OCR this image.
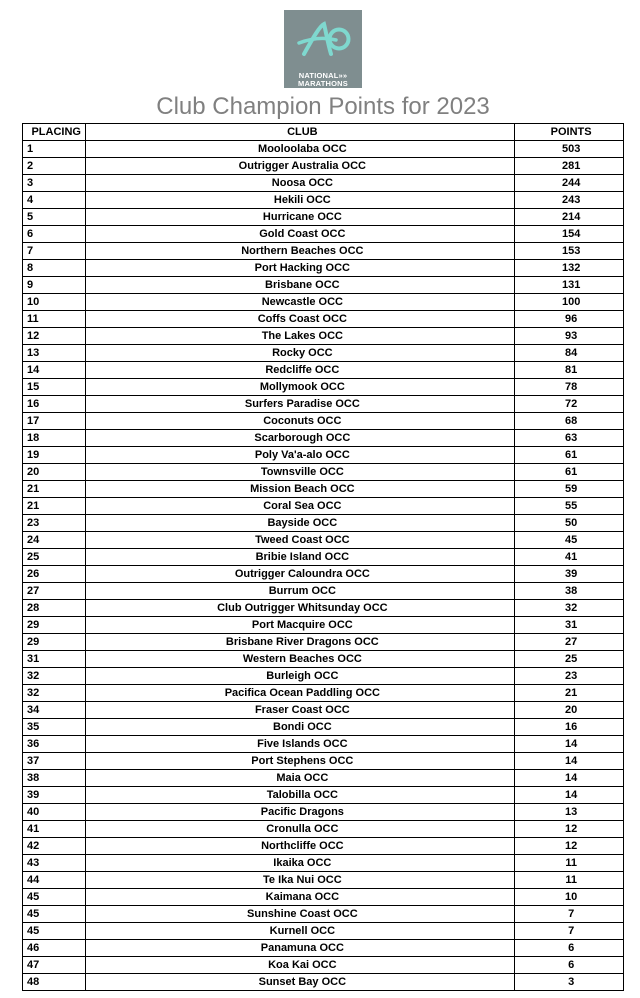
NATIONAL»»
MARATHONS
Club Champion Points for 2023
PLACING	CLUB	POINTS
1	Mooloolaba OCC	503
2	Outrigger Australia OCC	281
3	Noosa OCC	244
4	Hekili OCC	243
5	Hurricane OCC	214
6	Gold Coast OCC	154
7	Northern Beaches OCC	153
8	Port Hacking OCC	132
9	Brisbane OCC	131
10	Newcastle OCC	100
11	Coffs Coast OCC	96
12	The Lakes OCC	93
13	Rocky OCC	84
14	Redcliffe OCC	81
15	Mollymook OCC	78
16	Surfers Paradise OCC	72
17	Coconuts OCC	68
18	Scarborough OCC	63
19	Poly Va'a-alo OCC	61
20	Townsville OCC	61
21	Mission Beach OCC	59
21	Coral Sea OCC	55
23	Bayside OCC	50
24	Tweed Coast OCC	45
25	Bribie Island OCC	41
26	Outrigger Caloundra OCC	39
27	Burrum OCC	38
28	Club Outrigger Whitsunday OCC	32
29	Port Macquire OCC	31
29	Brisbane River Dragons OCC	27
31	Western Beaches OCC	25
32	Burleigh OCC	23
32	Pacifica Ocean Paddling OCC	21
34	Fraser Coast OCC	20
35	Bondi OCC	16
36	Five Islands OCC	14
37	Port Stephens OCC	14
38	Maia OCC	14
39	Talobilla OCC	14
40	Pacific Dragons	13
41	Cronulla OCC	12
42	Northcliffe OCC	12
43	Ikaika OCC	11
44	Te Ika Nui OCC	11
45	Kaimana OCC	10
45	Sunshine Coast OCC	7
45	Kurnell OCC	7
46	Panamuna OCC	6
47	Koa Kai OCC	6
48	Sunset Bay OCC	3
